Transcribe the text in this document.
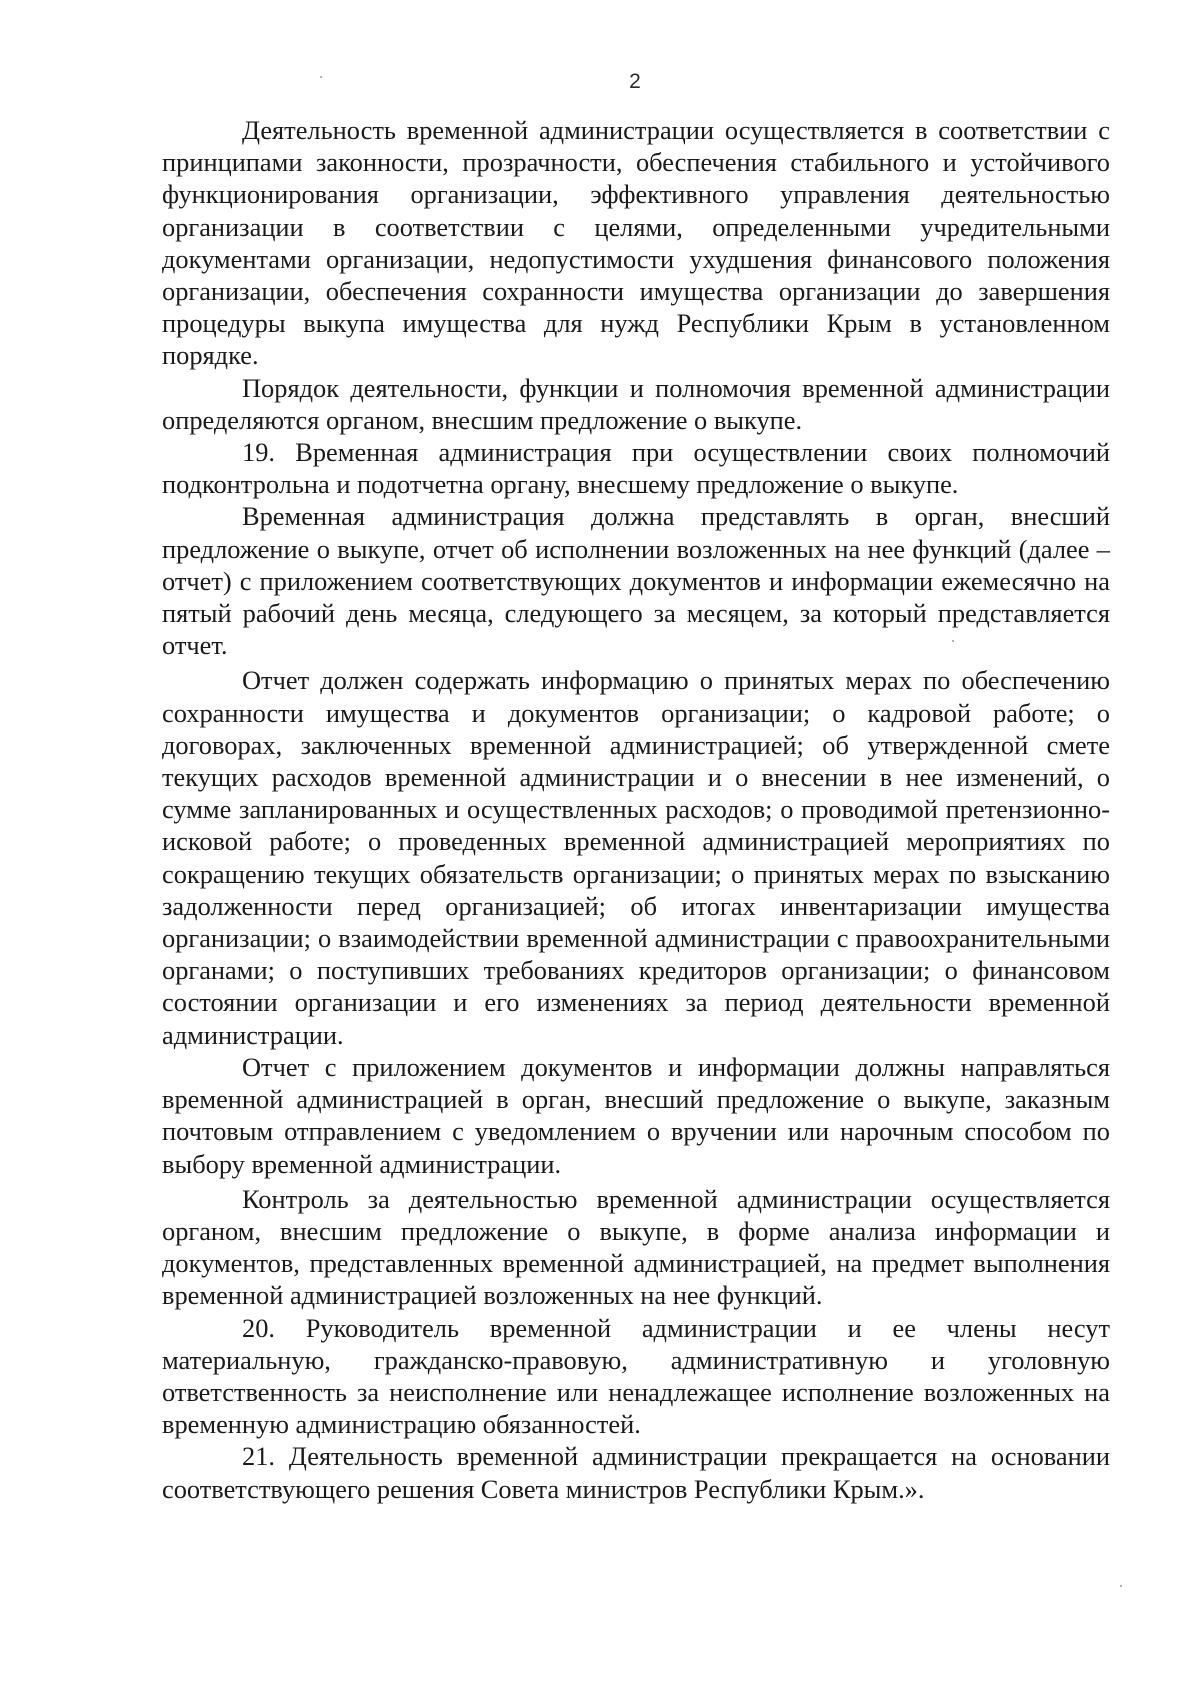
2

Деятельность временной администрации осуществляется в соответствии с принципами законности, прозрачности, обеспечения стабильного и устойчивого функционирования организации, эффективного управления деятельностью организации в соответствии с целями, определенными учредительными документами организации, недопустимости ухудшения финансового положения организации, обеспечения сохранности имущества организации до завершения процедуры выкупа имущества для нужд Республики Крым в установленном порядке.

Порядок деятельности, функции и полномочия временной администрации определяются органом, внесшим предложение о выкупе.

19. Временная администрация при осуществлении своих полномочий подконтрольна и подотчетна органу, внесшему предложение о выкупе.

Временная администрация должна представлять в орган, внесший предложение о выкупе, отчет об исполнении возложенных на нее функций (далее – отчет) с приложением соответствующих документов и информации ежемесячно на пятый рабочий день месяца, следующего за месяцем, за который представляется отчет.

Отчет должен содержать информацию о принятых мерах по обеспечению сохранности имущества и документов организации; о кадровой работе; о договорах, заключенных временной администрацией; об утвержденной смете текущих расходов временной администрации и о внесении в нее изменений, о сумме запланированных и осуществленных расходов; о проводимой претензионно-исковой работе; о проведенных временной администрацией мероприятиях по сокращению текущих обязательств организации; о принятых мерах по взысканию задолженности перед организацией; об итогах инвентаризации имущества организации; о взаимодействии временной администрации с правоохранительными органами; о поступивших требованиях кредиторов организации; о финансовом состоянии организации и его изменениях за период деятельности временной администрации.

Отчет с приложением документов и информации должны направляться временной администрацией в орган, внесший предложение о выкупе, заказным почтовым отправлением с уведомлением о вручении или нарочным способом по выбору временной администрации.

Контроль за деятельностью временной администрации осуществляется органом, внесшим предложение о выкупе, в форме анализа информации и документов, представленных временной администрацией, на предмет выполнения временной администрацией возложенных на нее функций.

20. Руководитель временной администрации и ее члены несут материальную, гражданско-правовую, административную и уголовную ответственность за неисполнение или ненадлежащее исполнение возложенных на временную администрацию обязанностей.

21. Деятельность временной администрации прекращается на основании соответствующего решения Совета министров Республики Крым.».
